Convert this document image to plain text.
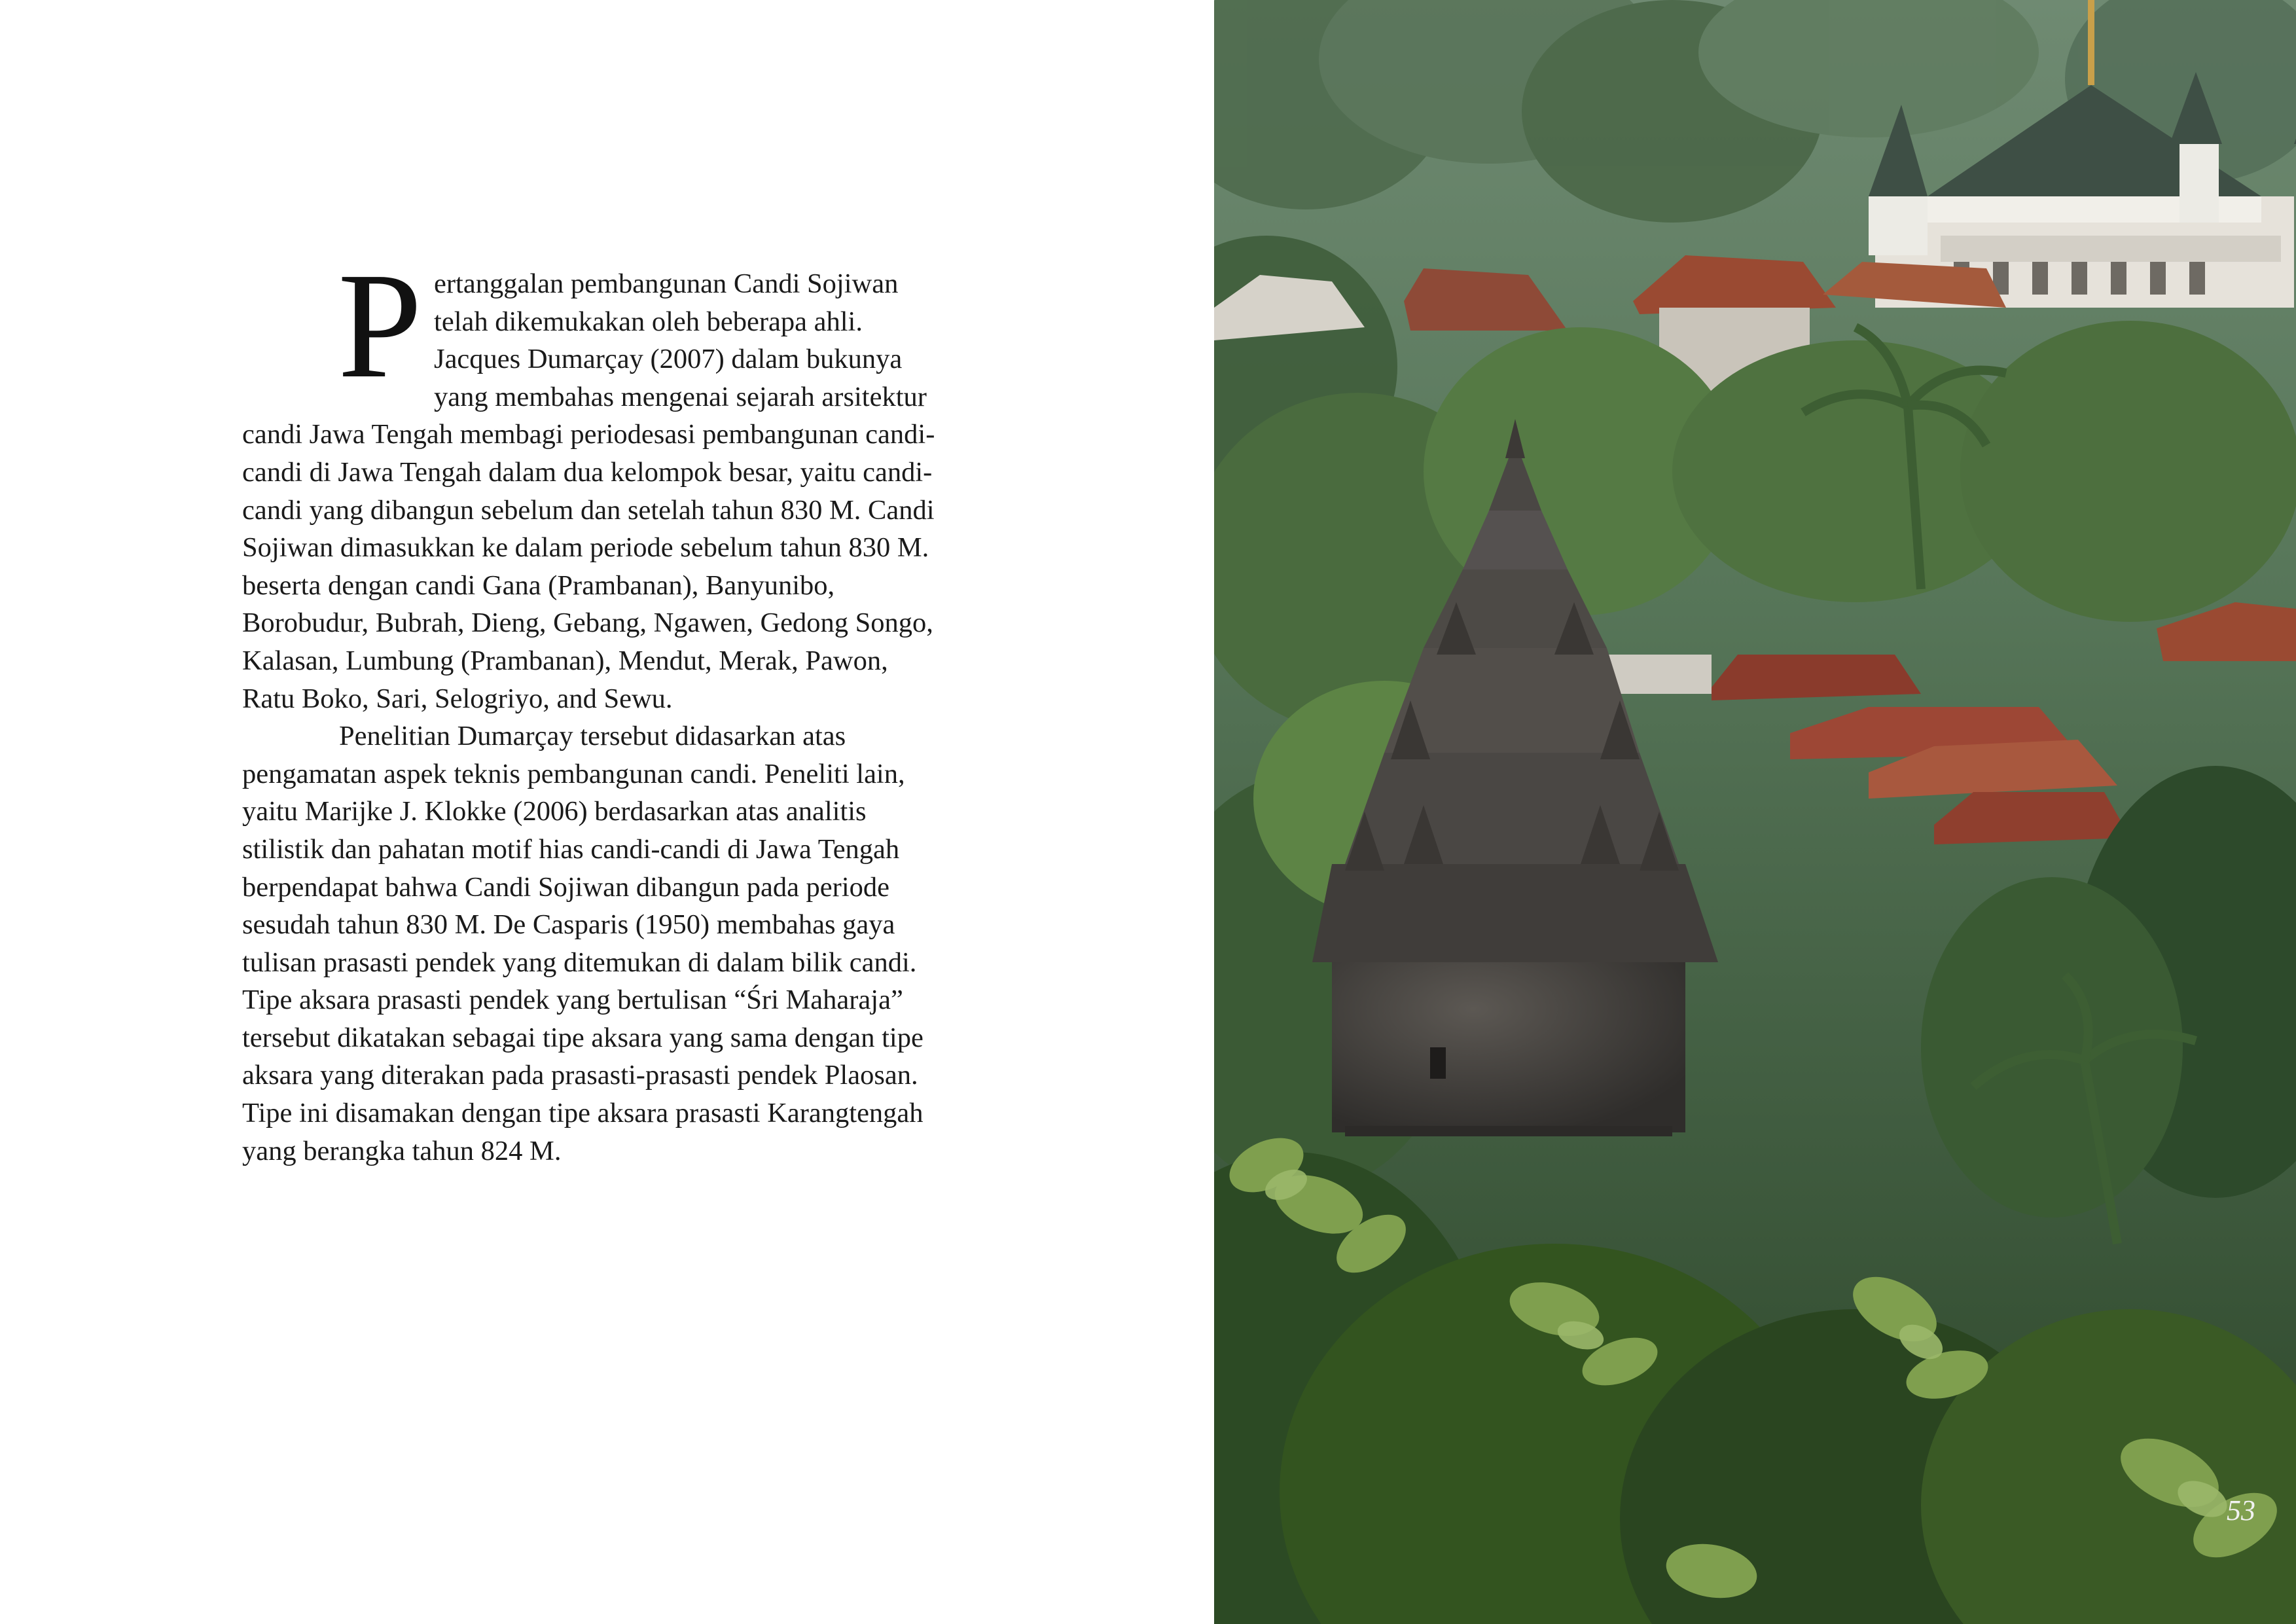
Pertanggalan pembangunan Candi Sojiwan telah dikemukakan oleh beberapa ahli. Jacques Dumarçay (2007) dalam bukunya yang membahas mengenai sejarah arsitektur candi Jawa Tengah membagi periodesasi pembangunan candi-candi di Jawa Tengah dalam dua kelompok besar, yaitu candi-candi yang dibangun sebelum dan setelah tahun 830 M. Candi Sojiwan dimasukkan ke dalam periode sebelum tahun 830 M. beserta dengan candi Gana (Prambanan), Banyunibo, Borobudur, Bubrah, Dieng, Gebang, Ngawen, Gedong Songo, Kalasan, Lumbung (Prambanan), Mendut, Merak, Pawon, Ratu Boko, Sari, Selogriyo, and Sewu.

Penelitian Dumarçay tersebut didasarkan atas pengamatan aspek teknis pembangunan candi. Peneliti lain, yaitu Marijke J. Klokke (2006) berdasarkan atas analitis stilistik dan pahatan motif hias candi-candi di Jawa Tengah berpendapat bahwa Candi Sojiwan dibangun pada periode sesudah tahun 830 M. De Casparis (1950) membahas gaya tulisan prasasti pendek yang ditemukan di dalam bilik candi. Tipe aksara prasasti pendek yang bertulisan “Śri Maharaja” tersebut dikatakan sebagai tipe aksara yang sama dengan tipe aksara yang diterakan pada prasasti-prasasti pendek Plaosan. Tipe ini disamakan dengan tipe aksara prasasti Karangtengah yang berangka tahun 824 M.

53
